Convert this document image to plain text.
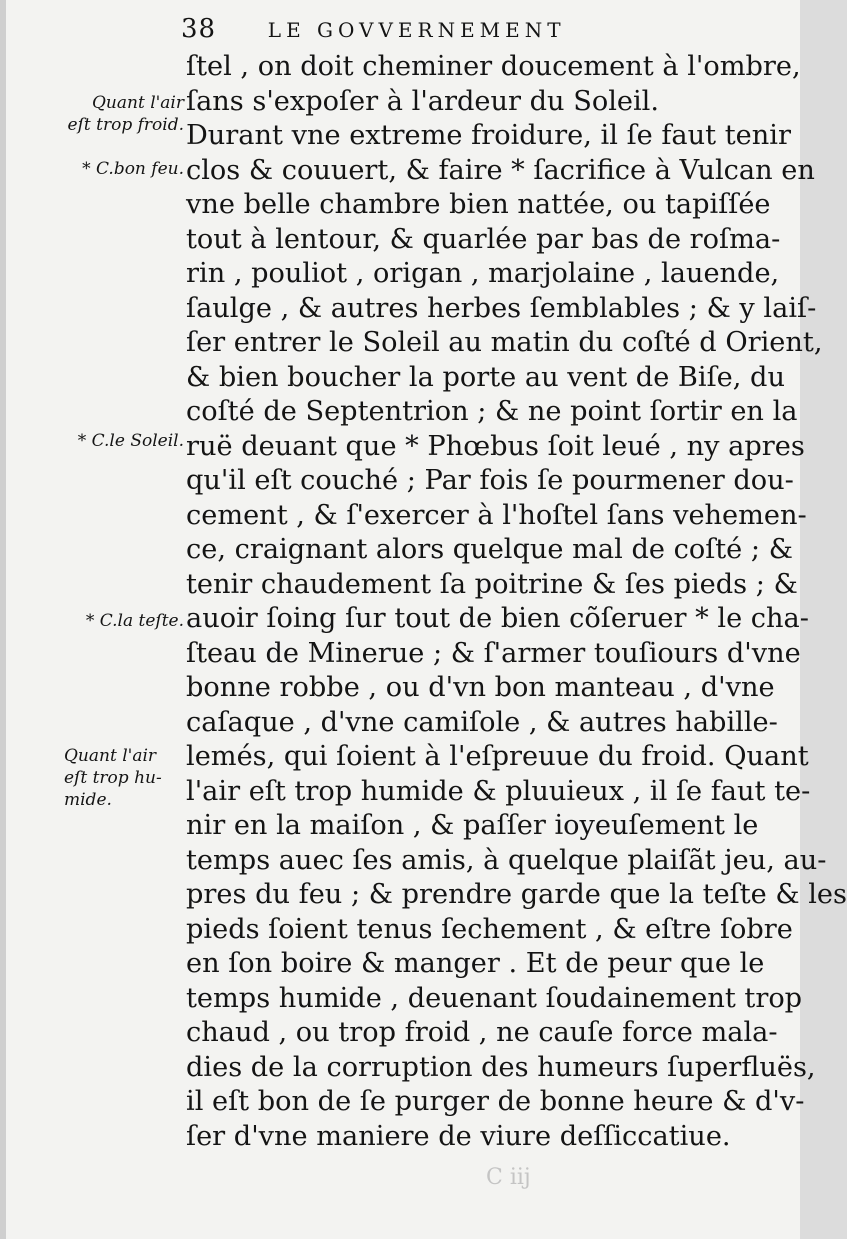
38	LE GOVVERNEMENT
Quant l'air
eſt trop froid.
* C.bon feu.
* C.le Soleil.
* C.la teſte.
Quant l'air
eſt trop hu-
mide.
ſtel , on doit cheminer doucement à l'ombre,
ſans s'expoſer à l'ardeur du Soleil.
Durant vne extreme froidure, il ſe faut tenir
clos & couuert, & faire * ſacrifice à Vulcan en
vne belle chambre bien nattée, ou tapiſſée
tout à lentour, & quarlée par bas de roſma-
rin , pouliot , origan , marjolaine , lauende,
ſaulge , & autres herbes ſemblables ; & y laiſ-
ſer entrer le Soleil au matin du coſté d Orient,
& bien boucher la porte au vent de Biſe, du
coſté de Septentrion ; & ne point ſortir en la
ruë deuant que * Phœbus ſoit leué , ny apres
qu'il eſt couché ; Par fois ſe pourmener dou-
cement , & ſ'exercer à l'hoſtel ſans vehemen-
ce, craignant alors quelque mal de coſté ; &
tenir chaudement ſa poitrine & ſes pieds ; &
auoir ſoing ſur tout de bien cõſeruer * le cha-
ſteau de Mineruе ; & ſ'armer touſiours d'vne
bonne robbe , ou d'vn bon manteau , d'vne
caſaque , d'vne camiſole , & autres habille-
lemés, qui ſoient à l'eſpreuue du froid. Quant
l'air eſt trop humide & pluuieux , il ſe faut te-
nir en la maiſon , & paſſer ioyeuſement le
temps auec ſes amis, à quelque plaiſãt jeu, au-
pres du feu ; & prendre garde que la teſte & les
pieds ſoient tenus ſechement , & eſtre ſobre
en ſon boire & manger . Et de peur que le
temps humide , deuenant ſoudainement trop
chaud , ou trop froid , ne cauſe force mala-
dies de la corruption des humeurs ſuperfluës,
il eſt bon de ſe purger de bonne heure & d'v-
ſer d'vne maniere de viure deſſiccatiue.
C iij
